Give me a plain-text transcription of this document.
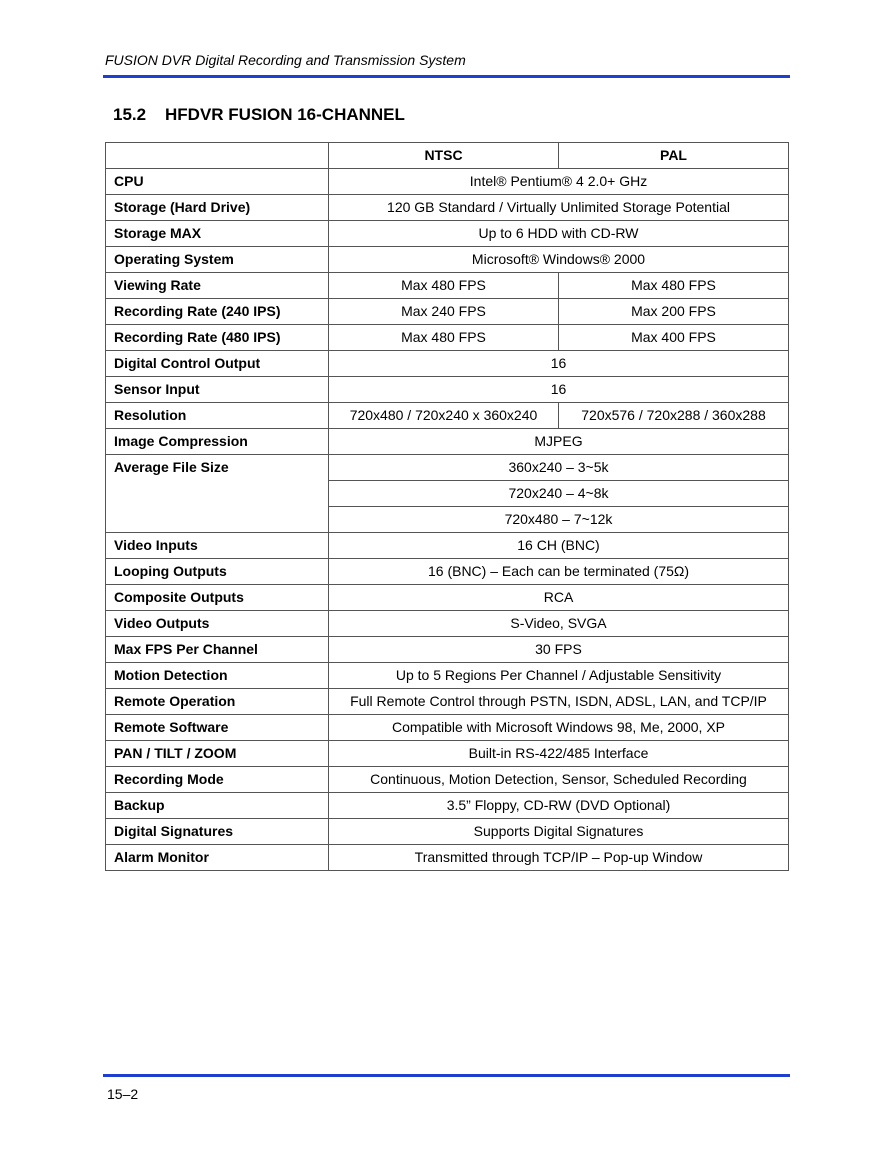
FUSION DVR Digital Recording and Transmission System
15.2 HFDVR FUSION 16-CHANNEL
	NTSC	PAL
CPU	Intel® Pentium® 4 2.0+ GHz	
Storage (Hard Drive)	120 GB Standard / Virtually Unlimited Storage Potential	
Storage MAX	Up to 6 HDD with CD-RW	
Operating System	Microsoft® Windows® 2000	
Viewing Rate	Max 480 FPS	Max 480 FPS
Recording Rate (240 IPS)	Max 240 FPS	Max 200 FPS
Recording Rate (480 IPS)	Max 480 FPS	Max 400 FPS
Digital Control Output	16	
Sensor Input	16	
Resolution	720x480 / 720x240 x 360x240	720x576 / 720x288 / 360x288
Image Compression	MJPEG	
Average File Size	360x240 – 3~5k	
	720x240 – 4~8k	
	720x480 – 7~12k	
Video Inputs	16 CH (BNC)	
Looping Outputs	16 (BNC) – Each can be terminated (75Ω)	
Composite Outputs	RCA	
Video Outputs	S-Video, SVGA	
Max FPS Per Channel	30 FPS	
Motion Detection	Up to 5 Regions Per Channel / Adjustable Sensitivity	
Remote Operation	Full Remote Control through PSTN, ISDN, ADSL, LAN, and TCP/IP	
Remote Software	Compatible with Microsoft Windows 98, Me, 2000, XP	
PAN / TILT / ZOOM	Built-in RS-422/485 Interface	
Recording Mode	Continuous, Motion Detection, Sensor, Scheduled Recording	
Backup	3.5” Floppy, CD-RW (DVD Optional)	
Digital Signatures	Supports Digital Signatures	
Alarm Monitor	Transmitted through TCP/IP – Pop-up Window	
15–2
